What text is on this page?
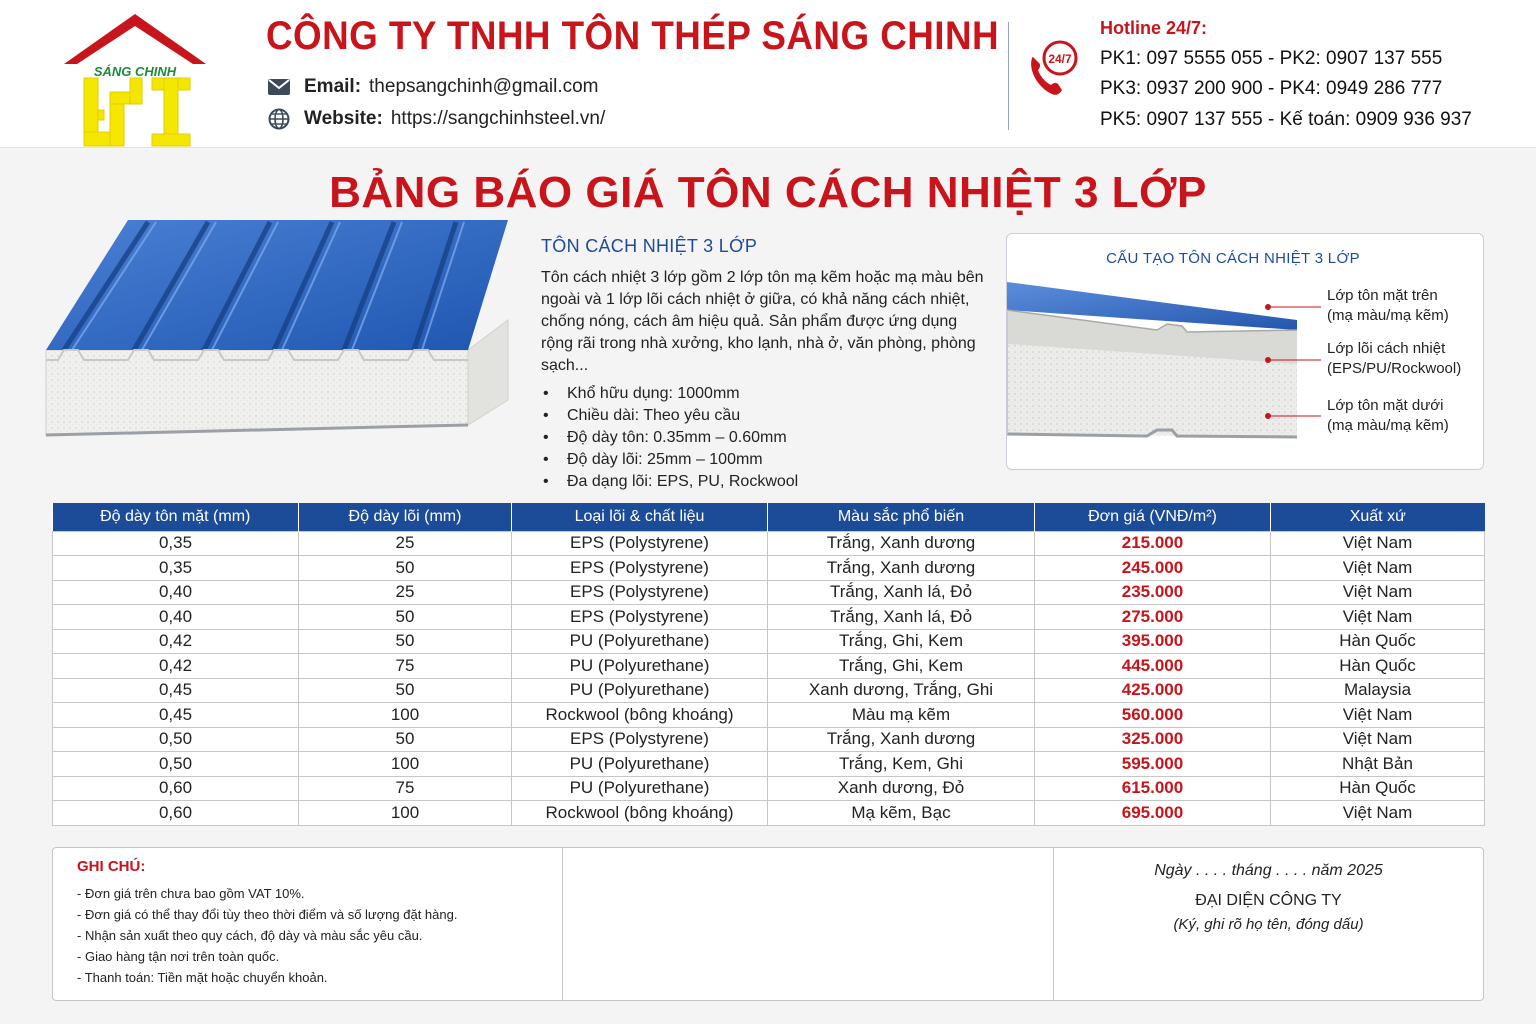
SÁNG CHINH
CÔNG TY TNHH TÔN THÉP SÁNG CHINH
Email: thepsangchinh@gmail.com
Website: https://sangchinhsteel.vn/
24/7
Hotline 24/7:
PK1: 097 5555 055 - PK2: 0907 137 555
PK3: 0937 200 900 - PK4: 0949 286 777
PK5: 0907 137 555 - Kế toán: 0909 936 937
BẢNG BÁO GIÁ TÔN CÁCH NHIỆT 3 LỚP
TÔN CÁCH NHIỆT 3 LỚP

Tôn cách nhiệt 3 lớp gồm 2 lớp tôn mạ kẽm hoặc mạ màu bên ngoài và 1 lớp lõi cách nhiệt ở giữa, có khả năng cách nhiệt, chống nóng, cách âm hiệu quả. Sản phẩm được ứng dụng rộng rãi trong nhà xưởng, kho lạnh, nhà ở, văn phòng, phòng sạch...

• Khổ hữu dụng: 1000mm
• Chiều dài: Theo yêu cầu
• Độ dày tôn: 0.35mm – 0.60mm
• Độ dày lõi: 25mm – 100mm
• Đa dạng lõi: EPS, PU, Rockwool
CẤU TẠO TÔN CÁCH NHIỆT 3 LỚP
Lớp tôn mặt trên
(mạ màu/mạ kẽm)
Lớp lõi cách nhiệt
(EPS/PU/Rockwool)
Lớp tôn mặt dưới
(mạ màu/mạ kẽm)
Độ dày tôn mặt (mm)	Độ dày lõi (mm)	Loại lõi & chất liệu	Màu sắc phổ biến	Đơn giá (VNĐ/m²)	Xuất xứ
0,35	25	EPS (Polystyrene)	Trắng, Xanh dương	215.000	Việt Nam
0,35	50	EPS (Polystyrene)	Trắng, Xanh dương	245.000	Việt Nam
0,40	25	EPS (Polystyrene)	Trắng, Xanh lá, Đỏ	235.000	Việt Nam
0,40	50	EPS (Polystyrene)	Trắng, Xanh lá, Đỏ	275.000	Việt Nam
0,42	50	PU (Polyurethane)	Trắng, Ghi, Kem	395.000	Hàn Quốc
0,42	75	PU (Polyurethane)	Trắng, Ghi, Kem	445.000	Hàn Quốc
0,45	50	PU (Polyurethane)	Xanh dương, Trắng, Ghi	425.000	Malaysia
0,45	100	Rockwool (bông khoáng)	Màu mạ kẽm	560.000	Việt Nam
0,50	50	EPS (Polystyrene)	Trắng, Xanh dương	325.000	Việt Nam
0,50	100	PU (Polyurethane)	Trắng, Kem, Ghi	595.000	Nhật Bản
0,60	75	PU (Polyurethane)	Xanh dương, Đỏ	615.000	Hàn Quốc
0,60	100	Rockwool (bông khoáng)	Mạ kẽm, Bạc	695.000	Việt Nam
GHI CHÚ:
- Đơn giá trên chưa bao gồm VAT 10%.
- Đơn giá có thể thay đổi tùy theo thời điểm và số lượng đặt hàng.
- Nhận sản xuất theo quy cách, độ dày và màu sắc yêu cầu.
- Giao hàng tận nơi trên toàn quốc.
- Thanh toán: Tiền mặt hoặc chuyển khoản.
Ngày . . . . tháng . . . . năm 2025
ĐẠI DIỆN CÔNG TY
(Ký, ghi rõ họ tên, đóng dấu)
